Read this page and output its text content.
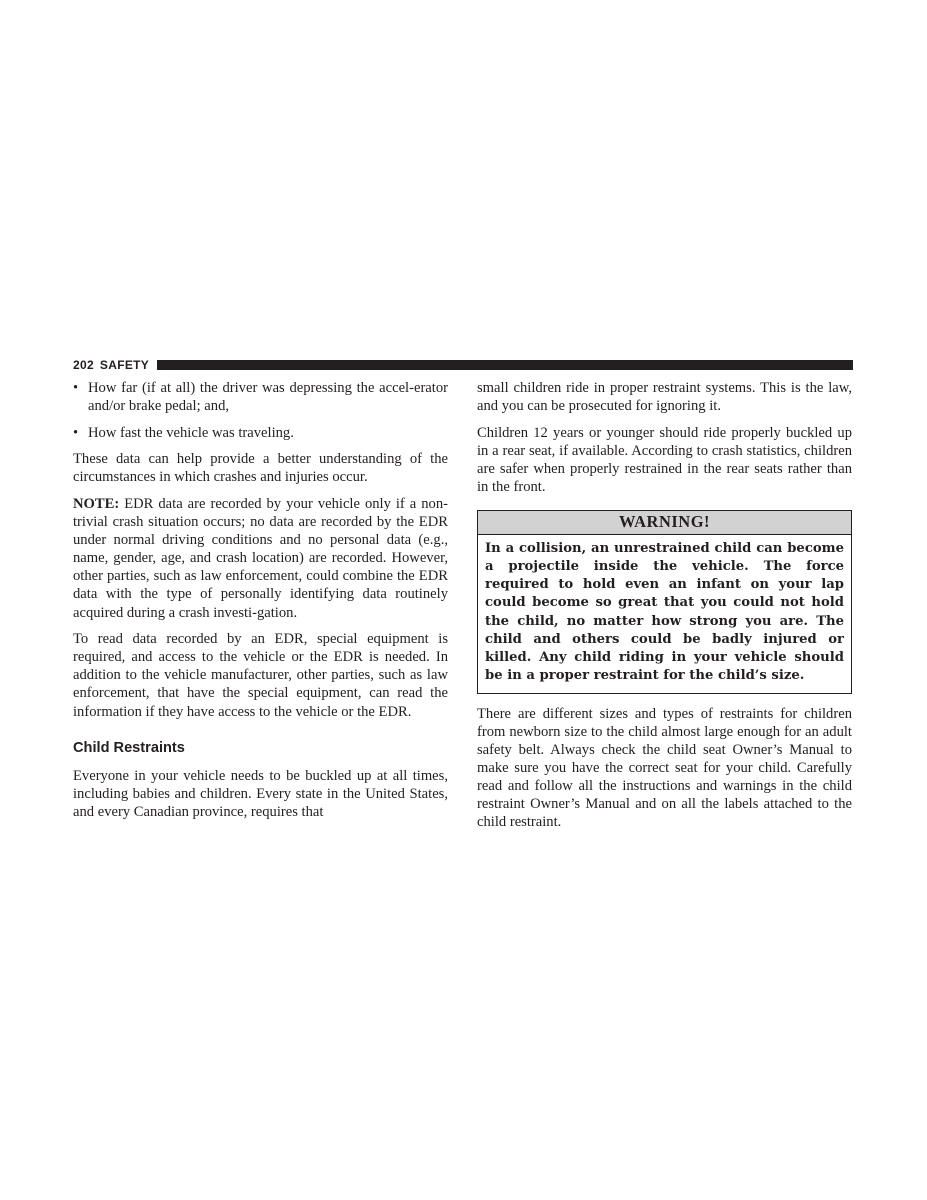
202 SAFETY
• How far (if at all) the driver was depressing the accel-erator and/or brake pedal; and,
• How fast the vehicle was traveling.

These data can help provide a better understanding of the circumstances in which crashes and injuries occur.

NOTE: EDR data are recorded by your vehicle only if a non-trivial crash situation occurs; no data are recorded by the EDR under normal driving conditions and no personal data (e.g., name, gender, age, and crash location) are recorded. However, other parties, such as law enforcement, could combine the EDR data with the type of personally identifying data routinely acquired during a crash investi-gation.

To read data recorded by an EDR, special equipment is required, and access to the vehicle or the EDR is needed. In addition to the vehicle manufacturer, other parties, such as law enforcement, that have the special equipment, can read the information if they have access to the vehicle or the EDR.

Child Restraints

Everyone in your vehicle needs to be buckled up at all times, including babies and children. Every state in the United States, and every Canadian province, requires that

small children ride in proper restraint systems. This is the law, and you can be prosecuted for ignoring it.

Children 12 years or younger should ride properly buckled up in a rear seat, if available. According to crash statistics, children are safer when properly restrained in the rear seats rather than in the front.

WARNING!

In a collision, an unrestrained child can become a projectile inside the vehicle. The force required to hold even an infant on your lap could become so great that you could not hold the child, no matter how strong you are. The child and others could be badly injured or killed. Any child riding in your vehicle should be in a proper restraint for the child’s size.

There are different sizes and types of restraints for children from newborn size to the child almost large enough for an adult safety belt. Always check the child seat Owner’s Manual to make sure you have the correct seat for your child. Carefully read and follow all the instructions and warnings in the child restraint Owner’s Manual and on all the labels attached to the child restraint.
